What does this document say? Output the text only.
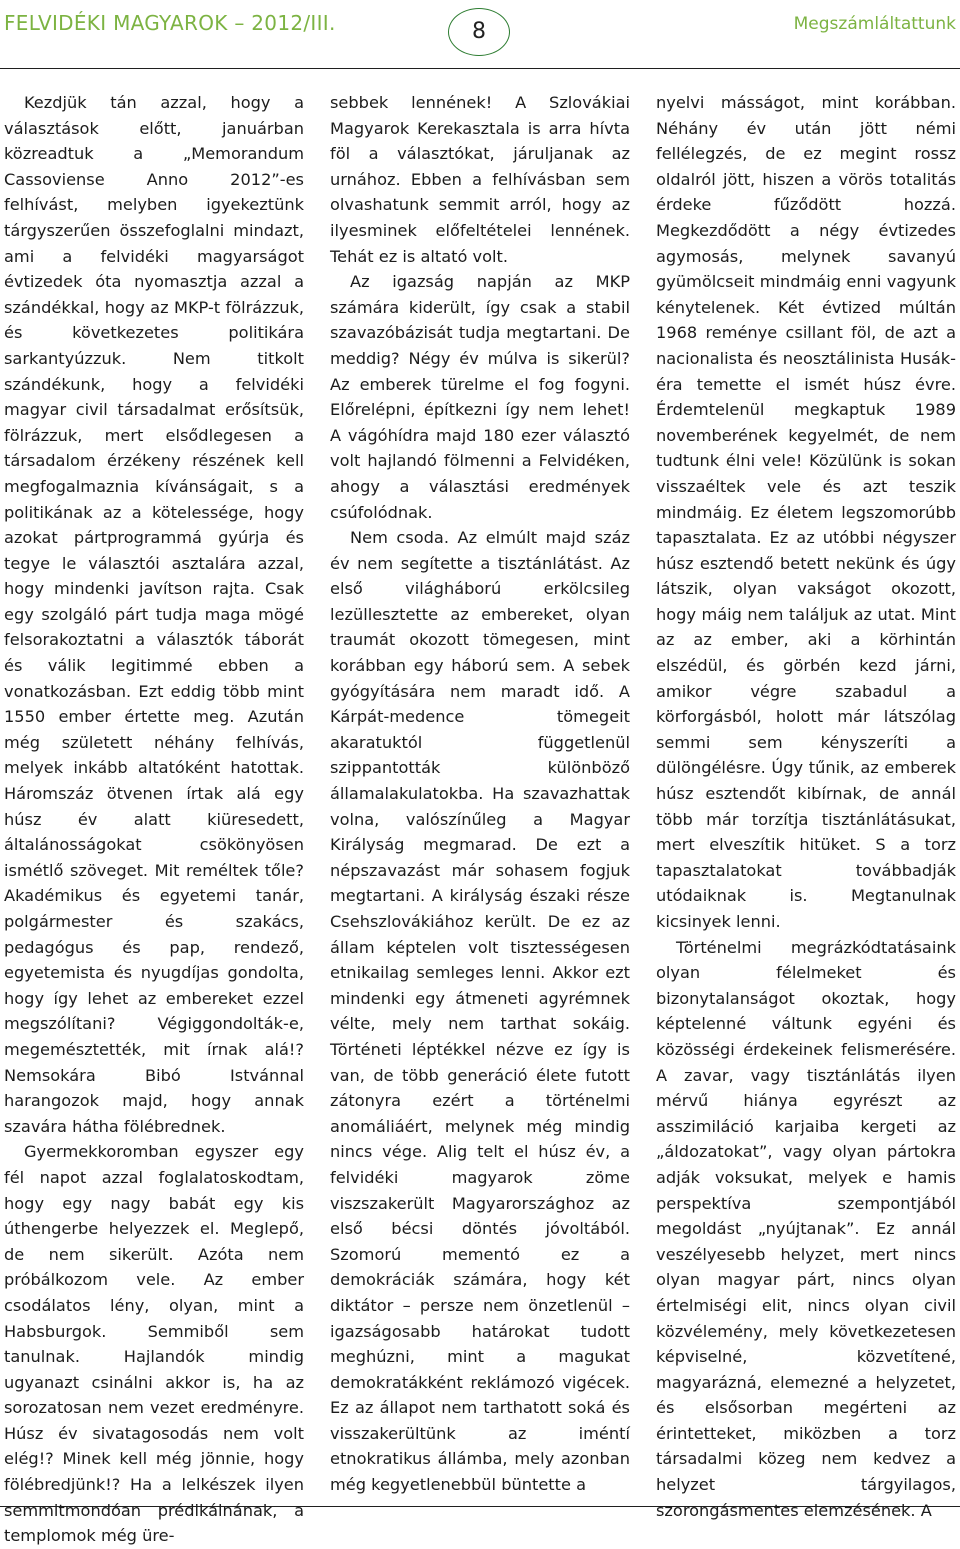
FELVIDÉKI MAGYAROK – 2012/III.	8	Megszámláltattunk

Kezdjük tán azzal, hogy a választások előtt, januárban közreadtuk a „Memorandum Cassoviense Anno 2012”-es felhívást, melyben igyekeztünk tárgyszerűen összefoglalni mindazt, ami a felvidéki magyarságot évtizedek óta nyomasztja azzal a szándékkal, hogy az MKP-t fölrázzuk, és következetes politikára sarkantyúzzuk. Nem titkolt szándékunk, hogy a felvidéki magyar civil társadalmat erősítsük, fölrázzuk, mert elsődlegesen a társadalom érzékeny részének kell megfogalmaznia kívánságait, s a politikának az a kötelessége, hogy azokat pártprogrammá gyúrja és tegye le választói asztalára azzal, hogy mindenki javítson rajta. Csak egy szolgáló párt tudja maga mögé felsorakoztatni a választók táborát és válik legitimmé ebben a vonatkozásban. Ezt eddig több mint 1550 ember értette meg. Azután még született néhány felhívás, melyek inkább altatóként hatottak. Háromszáz ötvenen írtak alá egy húsz év alatt kiüresedett, általánosságokat csökönyösen ismétlő szöveget. Mit reméltek tőle? Akadémikus és egyetemi tanár, polgármester és szakács, pedagógus és pap, rendező, egyetemista és nyugdíjas gondolta, hogy így lehet az embereket ezzel megszólítani? Végiggondolták-e, megemésztették, mit írnak alá!? Nemsokára Bibó Istvánnal harangozok majd, hogy annak szavára hátha fölébrednek.

Gyermekkoromban egyszer egy fél napot azzal foglalatoskodtam, hogy egy nagy babát egy kis úthengerbe helyezzek el. Meglepő, de nem sikerült. Azóta nem próbálkozom vele. Az ember csodálatos lény, olyan, mint a Habsburgok. Semmiből sem tanulnak. Hajlandók mindig ugyanazt csinálni akkor is, ha az sorozatosan nem vezet eredményre. Húsz év sivatagosodás nem volt elég!? Minek kell még jönnie, hogy fölébredjünk!? Ha a lelkészek ilyen semmitmondóan prédikálnának, a templomok még üre-

sebbek lennének! A Szlovákiai Magyarok Kerekasztala is arra hívta föl a választókat, járuljanak az urnához. Ebben a felhívásban sem olvashatunk semmit arról, hogy az ilyesminek előfeltételei lennének. Tehát ez is altató volt.

Az igazság napján az MKP számára kiderült, így csak a stabil szavazóbázisát tudja megtartani. De meddig? Négy év múlva is sikerül? Az emberek türelme el fog fogyni. Előrelépni, építkezni így nem lehet! A vágóhídra majd 180 ezer választó volt hajlandó fölmenni a Felvidéken, ahogy a választási eredmények csúfolódnak.

Nem csoda. Az elmúlt majd száz év nem segítette a tisztánlátást. Az első világháború erkölcsileg lezüllesztette az embereket, olyan traumát okozott tömegesen, mint korábban egy háború sem. A sebek gyógyítására nem maradt idő. A Kárpát-medence tömegeit akaratuktól függetlenül szippantották különböző államalakulatokba. Ha szavazhattak volna, valószínűleg a Magyar Királyság megmarad. De ezt a népszavazást már sohasem fogjuk megtartani. A királyság északi része Csehszlovákiához került. De ez az állam képtelen volt tisztességesen etnikailag semleges lenni. Akkor ezt mindenki egy átmeneti agyrémnek vélte, mely nem tarthat sokáig. Történeti léptékkel nézve ez így is van, de több generáció élete futott zátonyra ezért a történelmi anomáliáért, melynek még mindig nincs vége. Alig telt el húsz év, a felvidéki magyarok zöme viszszakerült Magyarországhoz az első bécsi döntés jóvoltából. Szomorú mementó ez a demokráciák számára, hogy két diktátor – persze nem önzetlenül – igazságosabb határokat tudott meghúzni, mint a magukat demokratákként reklámozó vigécek. Ez az állapot nem tarthatott soká és visszakerültünk az iméntí etnokratikus állámba, mely azonban még kegyetlenebbül büntette a

nyelvi másságot, mint korábban. Néhány év után jött némi fellélegzés, de ez megint rossz oldalról jött, hiszen a vörös totalitás érdeke fűződött hozzá. Megkezdődött a négy évtizedes agymosás, melynek savanyú gyümölcseit mindmáig enni vagyunk kénytelenek. Két évtized múltán 1968 reménye csillant föl, de azt a nacionalista és neosztálinista Husák-éra temette el ismét húsz évre. Érdemtelenül megkaptuk 1989 novemberének kegyelmét, de nem tudtunk élni vele! Közülünk is sokan visszaéltek vele és azt teszik mindmáig. Ez életem legszomorúbb tapasztalata. Ez az utóbbi négyszer húsz esztendő betett nekünk és úgy látszik, olyan vakságot okozott, hogy máig nem találjuk az utat. Mint az az ember, aki a körhintán elszédül, és görbén kezd járni, amikor végre szabadul a körforgásból, holott már látszólag semmi sem kényszeríti a dülöngélésre. Úgy tűnik, az emberek húsz esztendőt kibírnak, de annál több már torzítja tisztánlátásukat, mert elveszítik hitüket. S a torz tapasztalatokat továbbadják utódaiknak is. Megtanulnak kicsinyek lenni.

Történelmi megrázkódtatásaink olyan félelmeket és bizonytalanságot okoztak, hogy képtelenné váltunk egyéni és közösségi érdekeinek felismerésére. A zavar, vagy tisztánlátás ilyen mérvű hiánya egyrészt az asszimiláció karjaiba kergeti az „áldozatokat”, vagy olyan pártokra adják voksukat, melyek e hamis perspektíva szempontjából megoldást „nyújtanak”. Ez annál veszélyesebb helyzet, mert nincs olyan magyar párt, nincs olyan értelmiségi elit, nincs olyan civil közvélemény, mely következetesen képviselné, közvetítené, magyarázná, elemezné a helyzetet, és elsősorban megérteni az érintetteket, miközben a torz társadalmi közeg nem kedvez a helyzet tárgyilagos, szorongásmentes elemzésének. A
